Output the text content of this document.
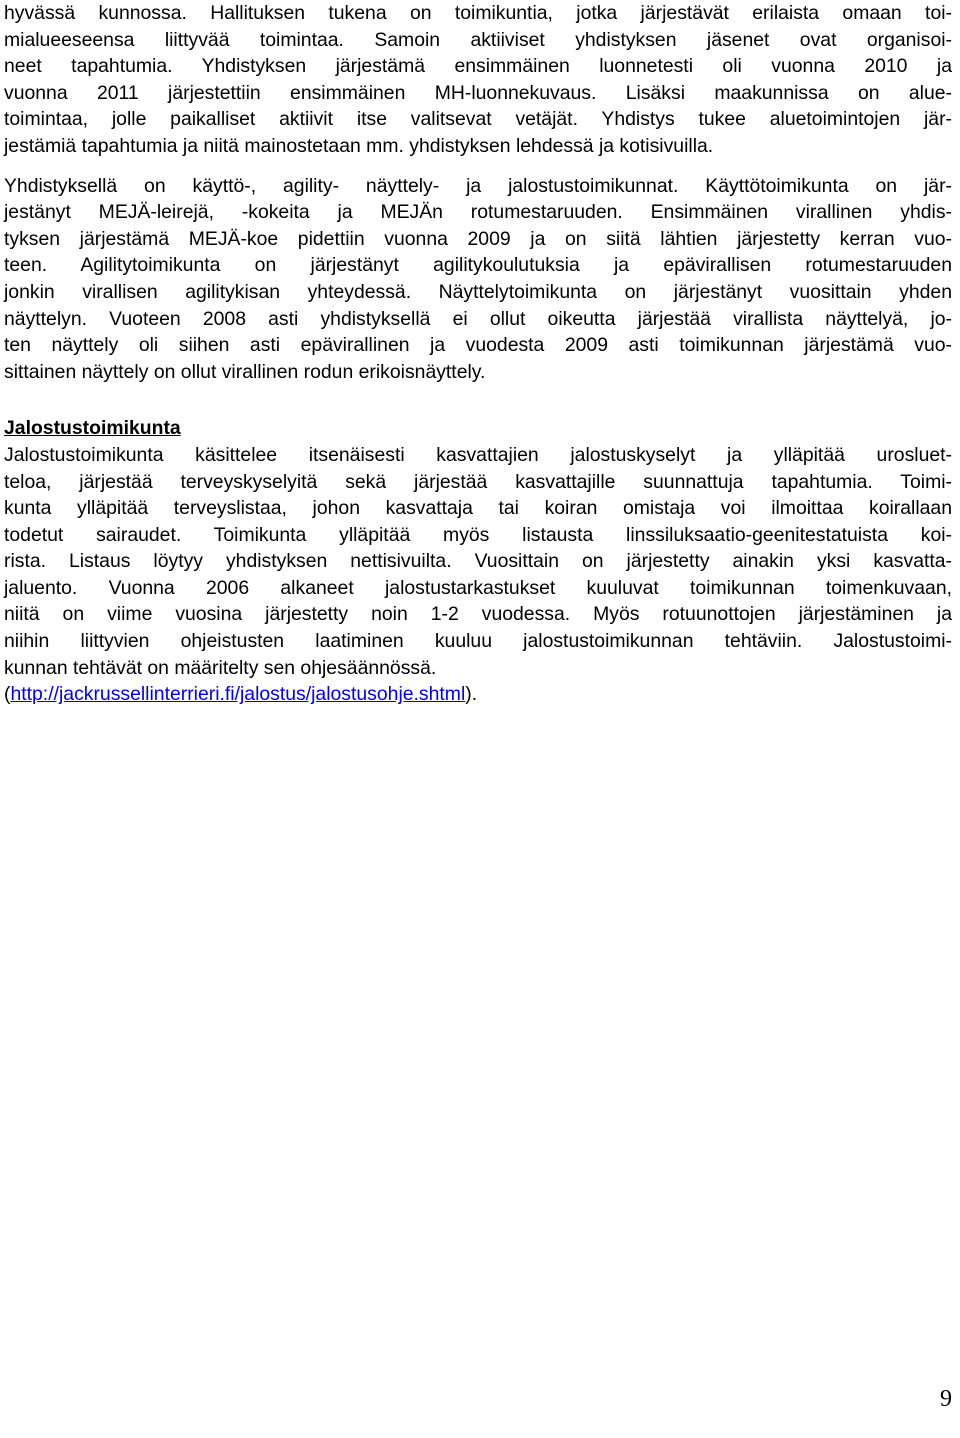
hyvässä kunnossa. Hallituksen tukena on toimikuntia, jotka järjestävät erilaista omaan toi-
mialueeseensa liittyvää toimintaa. Samoin aktiiviset yhdistyksen jäsenet ovat organisoi-
neet tapahtumia. Yhdistyksen järjestämä ensimmäinen luonnetesti oli vuonna 2010 ja
vuonna 2011 järjestettiin ensimmäinen MH-luonnekuvaus. Lisäksi maakunnissa on alue-
toimintaa, jolle paikalliset aktiivit itse valitsevat vetäjät. Yhdistys tukee aluetoimintojen jär-
jestämiä tapahtumia ja niitä mainostetaan mm. yhdistyksen lehdessä ja kotisivuilla.
Yhdistyksellä on käyttö-, agility- näyttely- ja jalostustoimikunnat. Käyttötoimikunta on jär-
jestänyt MEJÄ-leirejä, -kokeita ja MEJÄn rotumestaruuden. Ensimmäinen virallinen yhdis-
tyksen järjestämä MEJÄ-koe pidettiin vuonna 2009 ja on siitä lähtien järjestetty kerran vuo-
teen. Agilitytoimikunta on järjestänyt agilitykoulutuksia ja epävirallisen rotumestaruuden
jonkin virallisen agilitykisan yhteydessä. Näyttelytoimikunta on järjestänyt vuosittain yhden
näyttelyn. Vuoteen 2008 asti yhdistyksellä ei ollut oikeutta järjestää virallista näyttelyä, jo-
ten näyttely oli siihen asti epävirallinen ja vuodesta 2009 asti toimikunnan järjestämä vuo-
sittainen näyttely on ollut virallinen rodun erikoisnäyttely.
Jalostustoimikunta
Jalostustoimikunta käsittelee itsenäisesti kasvattajien jalostuskyselyt ja ylläpitää urosluet-
teloa, järjestää terveyskyselyitä sekä järjestää kasvattajille suunnattuja tapahtumia. Toimi-
kunta ylläpitää terveyslistaa, johon kasvattaja tai koiran omistaja voi ilmoittaa koirallaan
todetut sairaudet. Toimikunta ylläpitää myös listausta linssiluksaatio-geenitestatuista koi-
rista. Listaus löytyy yhdistyksen nettisivuilta. Vuosittain on järjestetty ainakin yksi kasvatta-
jaluento. Vuonna 2006 alkaneet jalostustarkastukset kuuluvat toimikunnan toimenkuvaan,
niitä on viime vuosina järjestetty noin 1-2 vuodessa. Myös rotuunottojen järjestäminen ja
niihin liittyvien ohjeistusten laatiminen kuuluu jalostustoimikunnan tehtäviin. Jalostustoimi-
kunnan tehtävät on määritelty sen ohjesäännössä.
(http://jackrussellinterrieri.fi/jalostus/jalostusohje.shtml).
9
